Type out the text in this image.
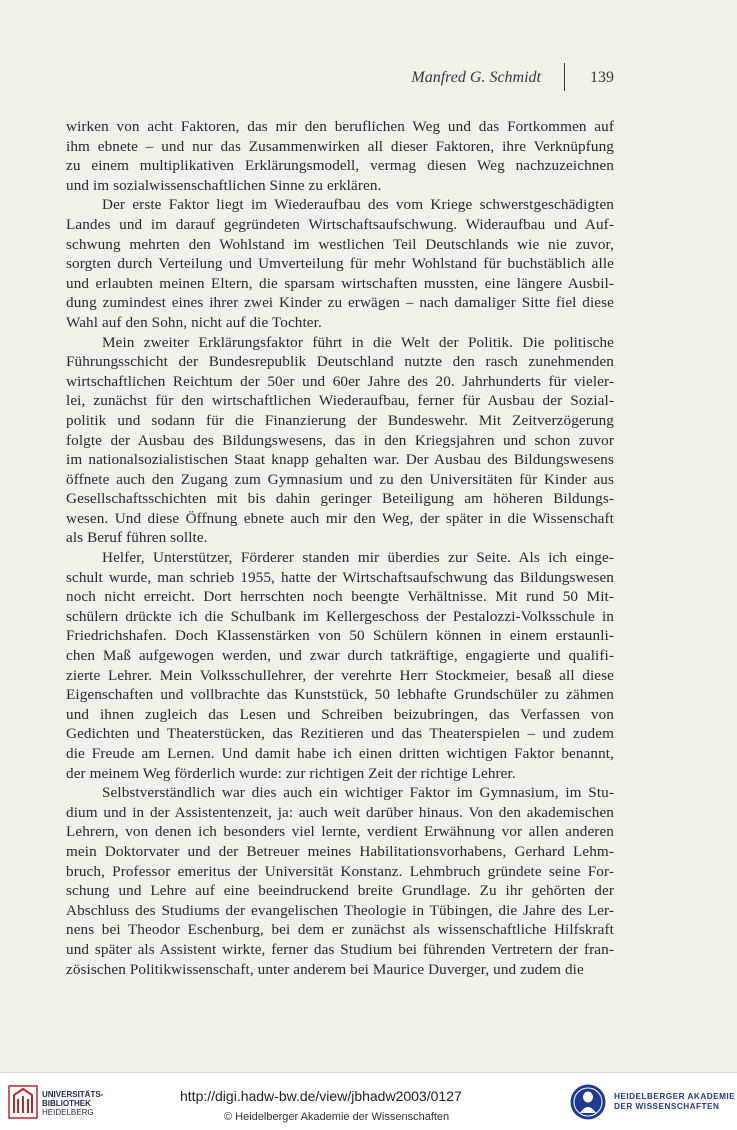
Manfred G. Schmidt	139
wirken von acht Faktoren, das mir den beruflichen Weg und das Fortkommen auf
ihm ebnete – und nur das Zusammenwirken all dieser Faktoren, ihre Verknüpfung
zu einem multiplikativen Erklärungsmodell, vermag diesen Weg nachzuzeichnen
und im sozialwissenschaftlichen Sinne zu erklären.
Der erste Faktor liegt im Wiederaufbau des vom Kriege schwerstgeschädigten
Landes und im darauf gegründeten Wirtschaftsaufschwung. Wideraufbau und Auf-
schwung mehrten den Wohlstand im westlichen Teil Deutschlands wie nie zuvor,
sorgten durch Verteilung und Umverteilung für mehr Wohlstand für buchstäblich alle
und erlaubten meinen Eltern, die sparsam wirtschaften mussten, eine längere Ausbil-
dung zumindest eines ihrer zwei Kinder zu erwägen – nach damaliger Sitte fiel diese
Wahl auf den Sohn, nicht auf die Tochter.
Mein zweiter Erklärungsfaktor führt in die Welt der Politik. Die politische
Führungsschicht der Bundesrepublik Deutschland nutzte den rasch zunehmenden
wirtschaftlichen Reichtum der 50er und 60er Jahre des 20. Jahrhunderts für vieler-
lei, zunächst für den wirtschaftlichen Wiederaufbau, ferner für Ausbau der Sozial-
politik und sodann für die Finanzierung der Bundeswehr. Mit Zeitverzögerung
folgte der Ausbau des Bildungswesens, das in den Kriegsjahren und schon zuvor
im nationalsozialistischen Staat knapp gehalten war. Der Ausbau des Bildungswesens
öffnete auch den Zugang zum Gymnasium und zu den Universitäten für Kinder aus
Gesellschaftsschichten mit bis dahin geringer Beteiligung am höheren Bildungs-
wesen. Und diese Öffnung ebnete auch mir den Weg, der später in die Wissenschaft
als Beruf führen sollte.
Helfer, Unterstützer, Förderer standen mir überdies zur Seite. Als ich einge-
schult wurde, man schrieb 1955, hatte der Wirtschaftsaufschwung das Bildungswesen
noch nicht erreicht. Dort herrschten noch beengte Verhältnisse. Mit rund 50 Mit-
schülern drückte ich die Schulbank im Kellergeschoss der Pestalozzi-Volksschule in
Friedrichshafen. Doch Klassenstärken von 50 Schülern können in einem erstaunli-
chen Maß aufgewogen werden, und zwar durch tatkräftige, engagierte und qualifi-
zierte Lehrer. Mein Volksschullehrer, der verehrte Herr Stockmeier, besaß all diese
Eigenschaften und vollbrachte das Kunststück, 50 lebhafte Grundschüler zu zähmen
und ihnen zugleich das Lesen und Schreiben beizubringen, das Verfassen von
Gedichten und Theaterstücken, das Rezitieren und das Theaterspielen – und zudem
die Freude am Lernen. Und damit habe ich einen dritten wichtigen Faktor benannt,
der meinem Weg förderlich wurde: zur richtigen Zeit der richtige Lehrer.
Selbstverständlich war dies auch ein wichtiger Faktor im Gymnasium, im Stu-
dium und in der Assistentenzeit, ja: auch weit darüber hinaus. Von den akademischen
Lehrern, von denen ich besonders viel lernte, verdient Erwähnung vor allen anderen
mein Doktorvater und der Betreuer meines Habilitationsvorhabens, Gerhard Lehm-
bruch, Professor emeritus der Universität Konstanz. Lehmbruch gründete seine For-
schung und Lehre auf eine beeindruckend breite Grundlage. Zu ihr gehörten der
Abschluss des Studiums der evangelischen Theologie in Tübingen, die Jahre des Ler-
nens bei Theodor Eschenburg, bei dem er zunächst als wissenschaftliche Hilfskraft
und später als Assistent wirkte, ferner das Studium bei führenden Vertretern der fran-
zösischen Politikwissenschaft, unter anderem bei Maurice Duverger, und zudem die
UNIVERSITÄTS-
BIBLIOTHEK
HEIDELBERG
http://digi.hadw-bw.de/view/jbhadw2003/0127
© Heidelberger Akademie der Wissenschaften
HEIDELBERGER AKADEMIE
DER WISSENSCHAFTEN
